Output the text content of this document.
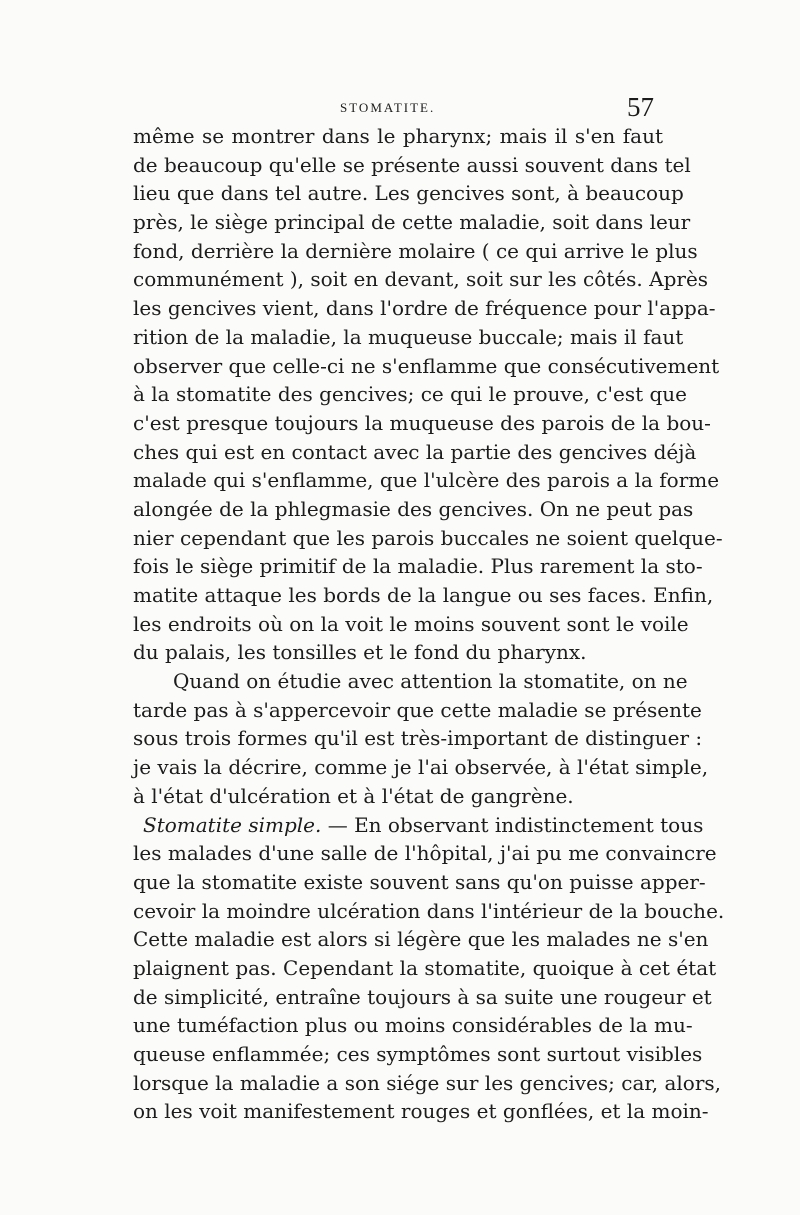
STOMATITE.	57
même se montrer dans le pharynx; mais il s'en faut
de beaucoup qu'elle se présente aussi souvent dans tel
lieu que dans tel autre. Les gencives sont, à beaucoup
près, le siège principal de cette maladie, soit dans leur
fond, derrière la dernière molaire ( ce qui arrive le plus
communément ), soit en devant, soit sur les côtés. Après
les gencives vient, dans l'ordre de fréquence pour l'appa-
rition de la maladie, la muqueuse buccale; mais il faut
observer que celle-ci ne s'enflamme que consécutivement
à la stomatite des gencives; ce qui le prouve, c'est que
c'est presque toujours la muqueuse des parois de la bou-
ches qui est en contact avec la partie des gencives déjà
malade qui s'enflamme, que l'ulcère des parois a la forme
alongée de la phlegmasie des gencives. On ne peut pas
nier cependant que les parois buccales ne soient quelque-
fois le siège primitif de la maladie. Plus rarement la sto-
matite attaque les bords de la langue ou ses faces. Enfin,
les endroits où on la voit le moins souvent sont le voile
du palais, les tonsilles et le fond du pharynx.
Quand on étudie avec attention la stomatite, on ne
tarde pas à s'appercevoir que cette maladie se présente
sous trois formes qu'il est très-important de distinguer :
je vais la décrire, comme je l'ai observée, à l'état simple,
à l'état d'ulcération et à l'état de gangrène.
Stomatite simple. — En observant indistinctement tous
les malades d'une salle de l'hôpital, j'ai pu me convaincre
que la stomatite existe souvent sans qu'on puisse apper-
cevoir la moindre ulcération dans l'intérieur de la bouche.
Cette maladie est alors si légère que les malades ne s'en
plaignent pas. Cependant la stomatite, quoique à cet état
de simplicité, entraîne toujours à sa suite une rougeur et
une tuméfaction plus ou moins considérables de la mu-
queuse enflammée; ces symptômes sont surtout visibles
lorsque la maladie a son siége sur les gencives; car, alors,
on les voit manifestement rouges et gonflées, et la moin-
